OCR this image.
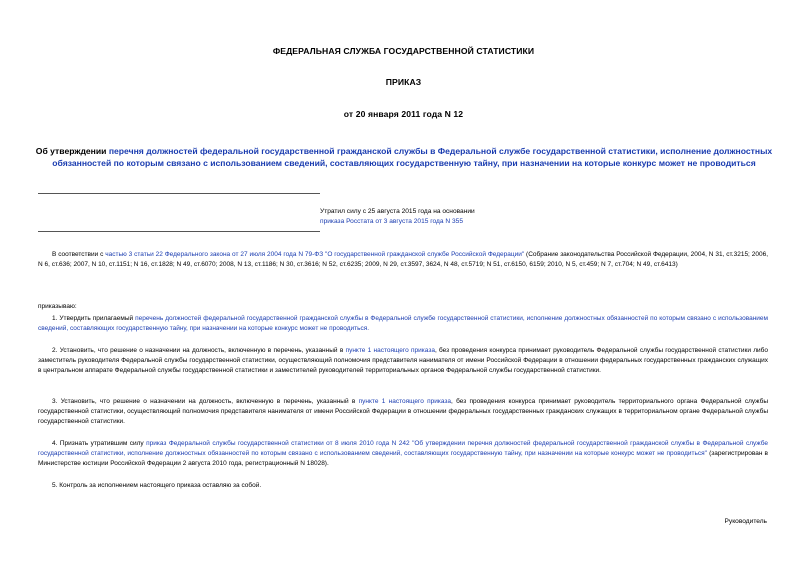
ФЕДЕРАЛЬНАЯ СЛУЖБА ГОСУДАРСТВЕННОЙ СТАТИСТИКИ
ПРИКАЗ
от 20 января 2011 года N 12
Об утверждении перечня должностей федеральной государственной гражданской службы в Федеральной службе государственной статистики, исполнение должностных обязанностей по которым связано с использованием сведений, составляющих государственную тайну, при назначении на которые конкурс может не проводиться
Утратил силу с 25 августа 2015 года на основании
приказа Росстата от 3 августа 2015 года N 355
В соответствии с частью 3 статьи 22 Федерального закона от 27 июля 2004 года N 79-ФЗ "О государственной гражданской службе Российской Федерации" (Собрание законодательства Российской Федерации, 2004, N 31, ст.3215; 2006, N 6, ст.636; 2007, N 10, ст.1151; N 16, ст.1828; N 49, ст.6070; 2008, N 13, ст.1186; N 30, ст.3616; N 52, ст.6235; 2009, N 29, ст.3597, 3624, N 48, ст.5719; N 51, ст.6150, 6159; 2010, N 5, ст.459; N 7, ст.704; N 49, ст.6413)
приказываю:
1. Утвердить прилагаемый перечень должностей федеральной государственной гражданской службы в Федеральной службе государственной статистики, исполнение должностных обязанностей по которым связано с использованием сведений, составляющих государственную тайну, при назначении на которые конкурс может не проводиться.
2. Установить, что решение о назначении на должность, включенную в перечень, указанный в пункте 1 настоящего приказа, без проведения конкурса принимает руководитель Федеральной службы государственной статистики либо заместитель руководителя Федеральной службы государственной статистики, осуществляющий полномочия представителя нанимателя от имени Российской Федерации в отношении федеральных государственных гражданских служащих в центральном аппарате Федеральной службы государственной статистики и заместителей руководителей территориальных органов Федеральной службы государственной статистики.
3. Установить, что решение о назначении на должность, включенную в перечень, указанный в пункте 1 настоящего приказа, без проведения конкурса принимает руководитель территориального органа Федеральной службы государственной статистики, осуществляющий полномочия представителя нанимателя от имени Российской Федерации в отношении федеральных государственных гражданских служащих в территориальном органе Федеральной службы государственной статистики.
4. Признать утратившим силу приказ Федеральной службы государственной статистики от 8 июля 2010 года N 242 "Об утверждении перечня должностей федеральной государственной гражданской службы в Федеральной службе государственной статистики, исполнение должностных обязанностей по которым связано с использованием сведений, составляющих государственную тайну, при назначении на которые конкурс может не проводиться" (зарегистрирован в Министерстве юстиции Российской Федерации 2 августа 2010 года, регистрационный N 18028).
5. Контроль за исполнением настоящего приказа оставляю за собой.
Руководитель
